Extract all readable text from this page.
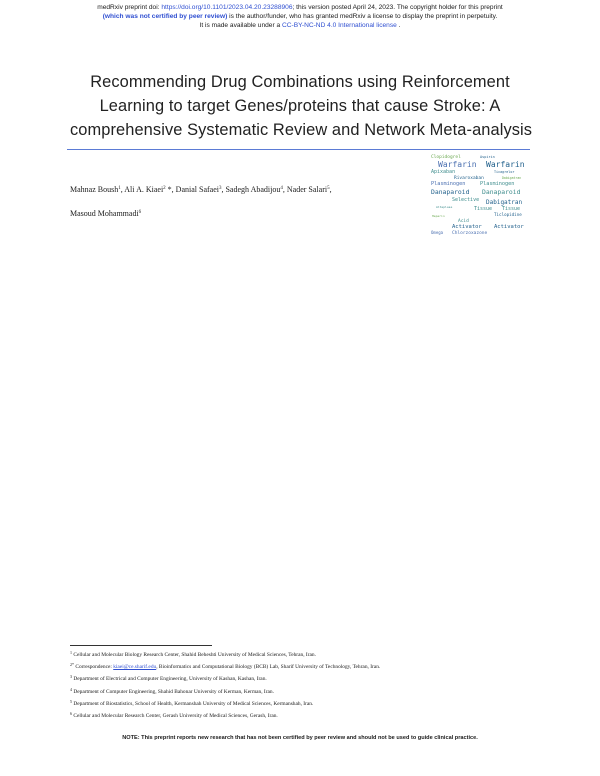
medRxiv preprint doi: https://doi.org/10.1101/2023.04.20.23288906; this version posted April 24, 2023. The copyright holder for this preprint
(which was not certified by peer review) is the author/funder, who has granted medRxiv a license to display the preprint in perpetuity.
It is made available under a CC-BY-NC-ND 4.0 International license .
Recommending Drug Combinations using Reinforcement
Learning to target Genes/proteins that cause Stroke: A
comprehensive Systematic Review and Network Meta-analysis
Mahnaz Boush$^1$, Ali A. Kiaei$^2$ *, Danial Safaei$^3$, Sadegh Abadijou$^4$, Nader Salari$^5$,
Masoud Mohammadi$^6$
Clopidogrel	Aspirin
Warfarin Warfarin
Apixaban	Ticagrelor
Rivaroxaban	Dabigatran
Plasminogen	Plasminogen
Danaparoid Danaparoid
Selective Dabigatran
Tissue Tissue
Ticlopidine
Acid
Activator Activator
Omega Chlorzoxazone
Heparin
Alteplase
$^1$ Cellular and Molecular Biology Research Center, Shahid Beheshti University of Medical Sciences, Tehran, Iran.
$^{2*}$ Correspondence: kiaei@ce.sharif.edu, Bioinformatics and Computational Biology (BCB) Lab, Sharif University of Technology, Tehran, Iran.
$^3$ Department of Electrical and Computer Engineering, University of Kashan, Kashan, Iran.
$^4$ Department of Computer Engineering, Shahid Bahonar University of Kerman, Kerman, Iran.
$^5$ Department of Biostatistics, School of Health, Kermanshah University of Medical Sciences, Kermanshah, Iran.
$^6$ Cellular and Molecular Research Center, Gerash University of Medical Sciences, Gerash, Iran.
NOTE: This preprint reports new research that has not been certified by peer review and should not be used to guide clinical practice.
